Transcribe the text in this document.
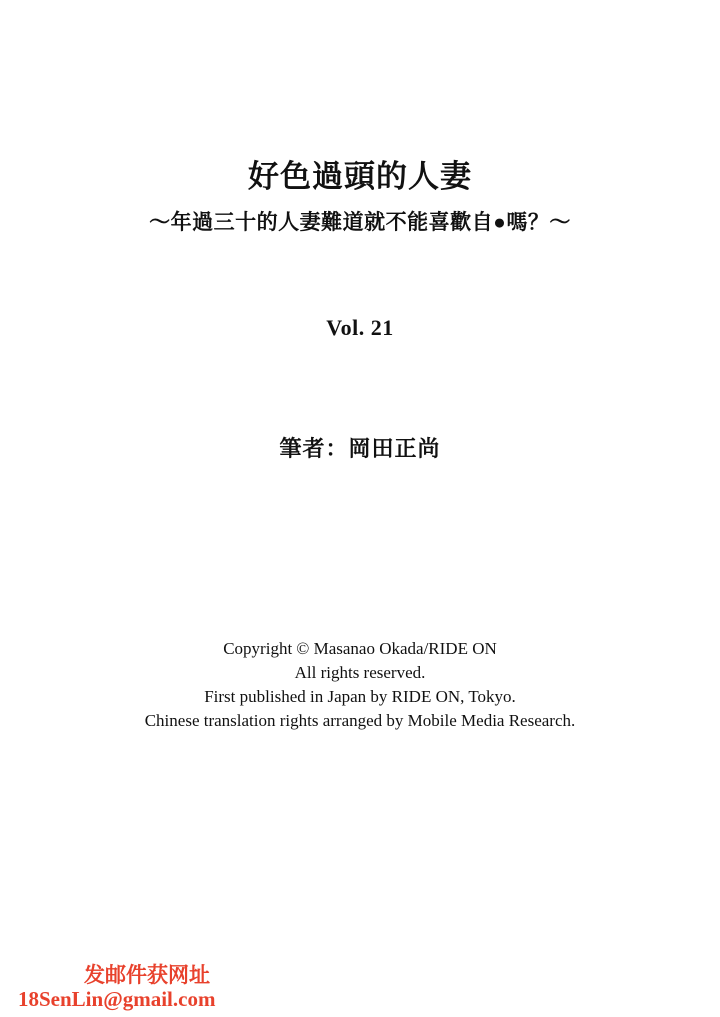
好色過頭的人妻
～年過三十的人妻難道就不能喜歡自●嗎？～
Vol. 21
筆者：岡田正尚
Copyright © Masanao Okada/RIDE ON
All rights reserved.
First published in Japan by RIDE ON, Tokyo.
Chinese translation rights arranged by Mobile Media Research.
发邮件获网址
18SenLin@gmail.com
